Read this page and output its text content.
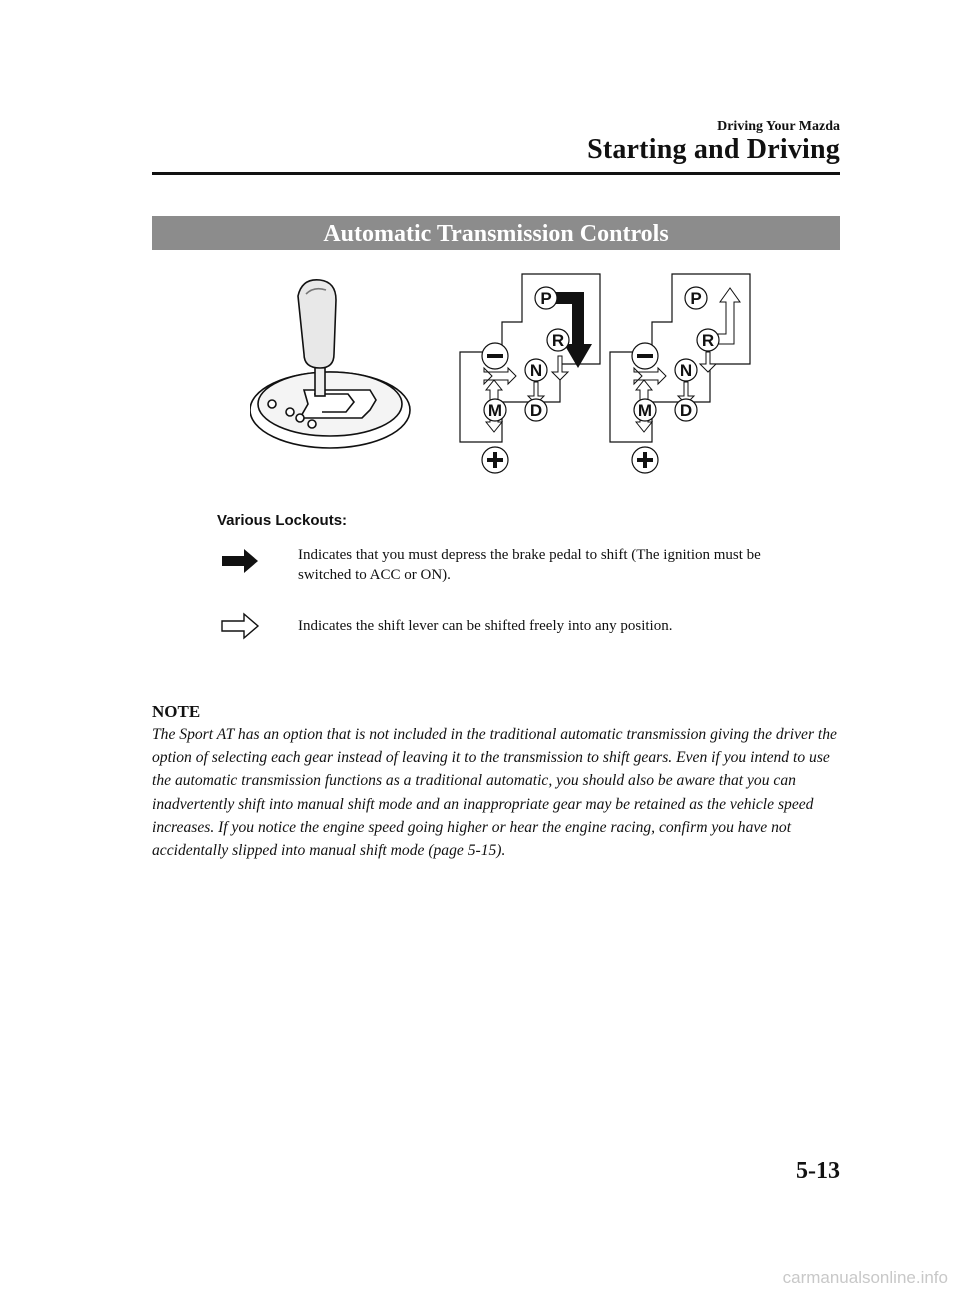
Driving Your Mazda
Starting and Driving
Automatic Transmission Controls
P
R
N
D
M
P
R
N
D
M
Various Lockouts:
Indicates that you must depress the brake pedal to shift (The ignition must be switched to ACC or ON).
Indicates the shift lever can be shifted freely into any position.
NOTE
The Sport AT has an option that is not included in the traditional automatic transmission giving the driver the option of selecting each gear instead of leaving it to the transmission to shift gears. Even if you intend to use the automatic transmission functions as a traditional automatic, you should also be aware that you can inadvertently shift into manual shift mode and an inappropriate gear may be retained as the vehicle speed increases. If you notice the engine speed going higher or hear the engine racing, confirm you have not accidentally slipped into manual shift mode (page 5-15).
5-13
carmanualsonline.info
